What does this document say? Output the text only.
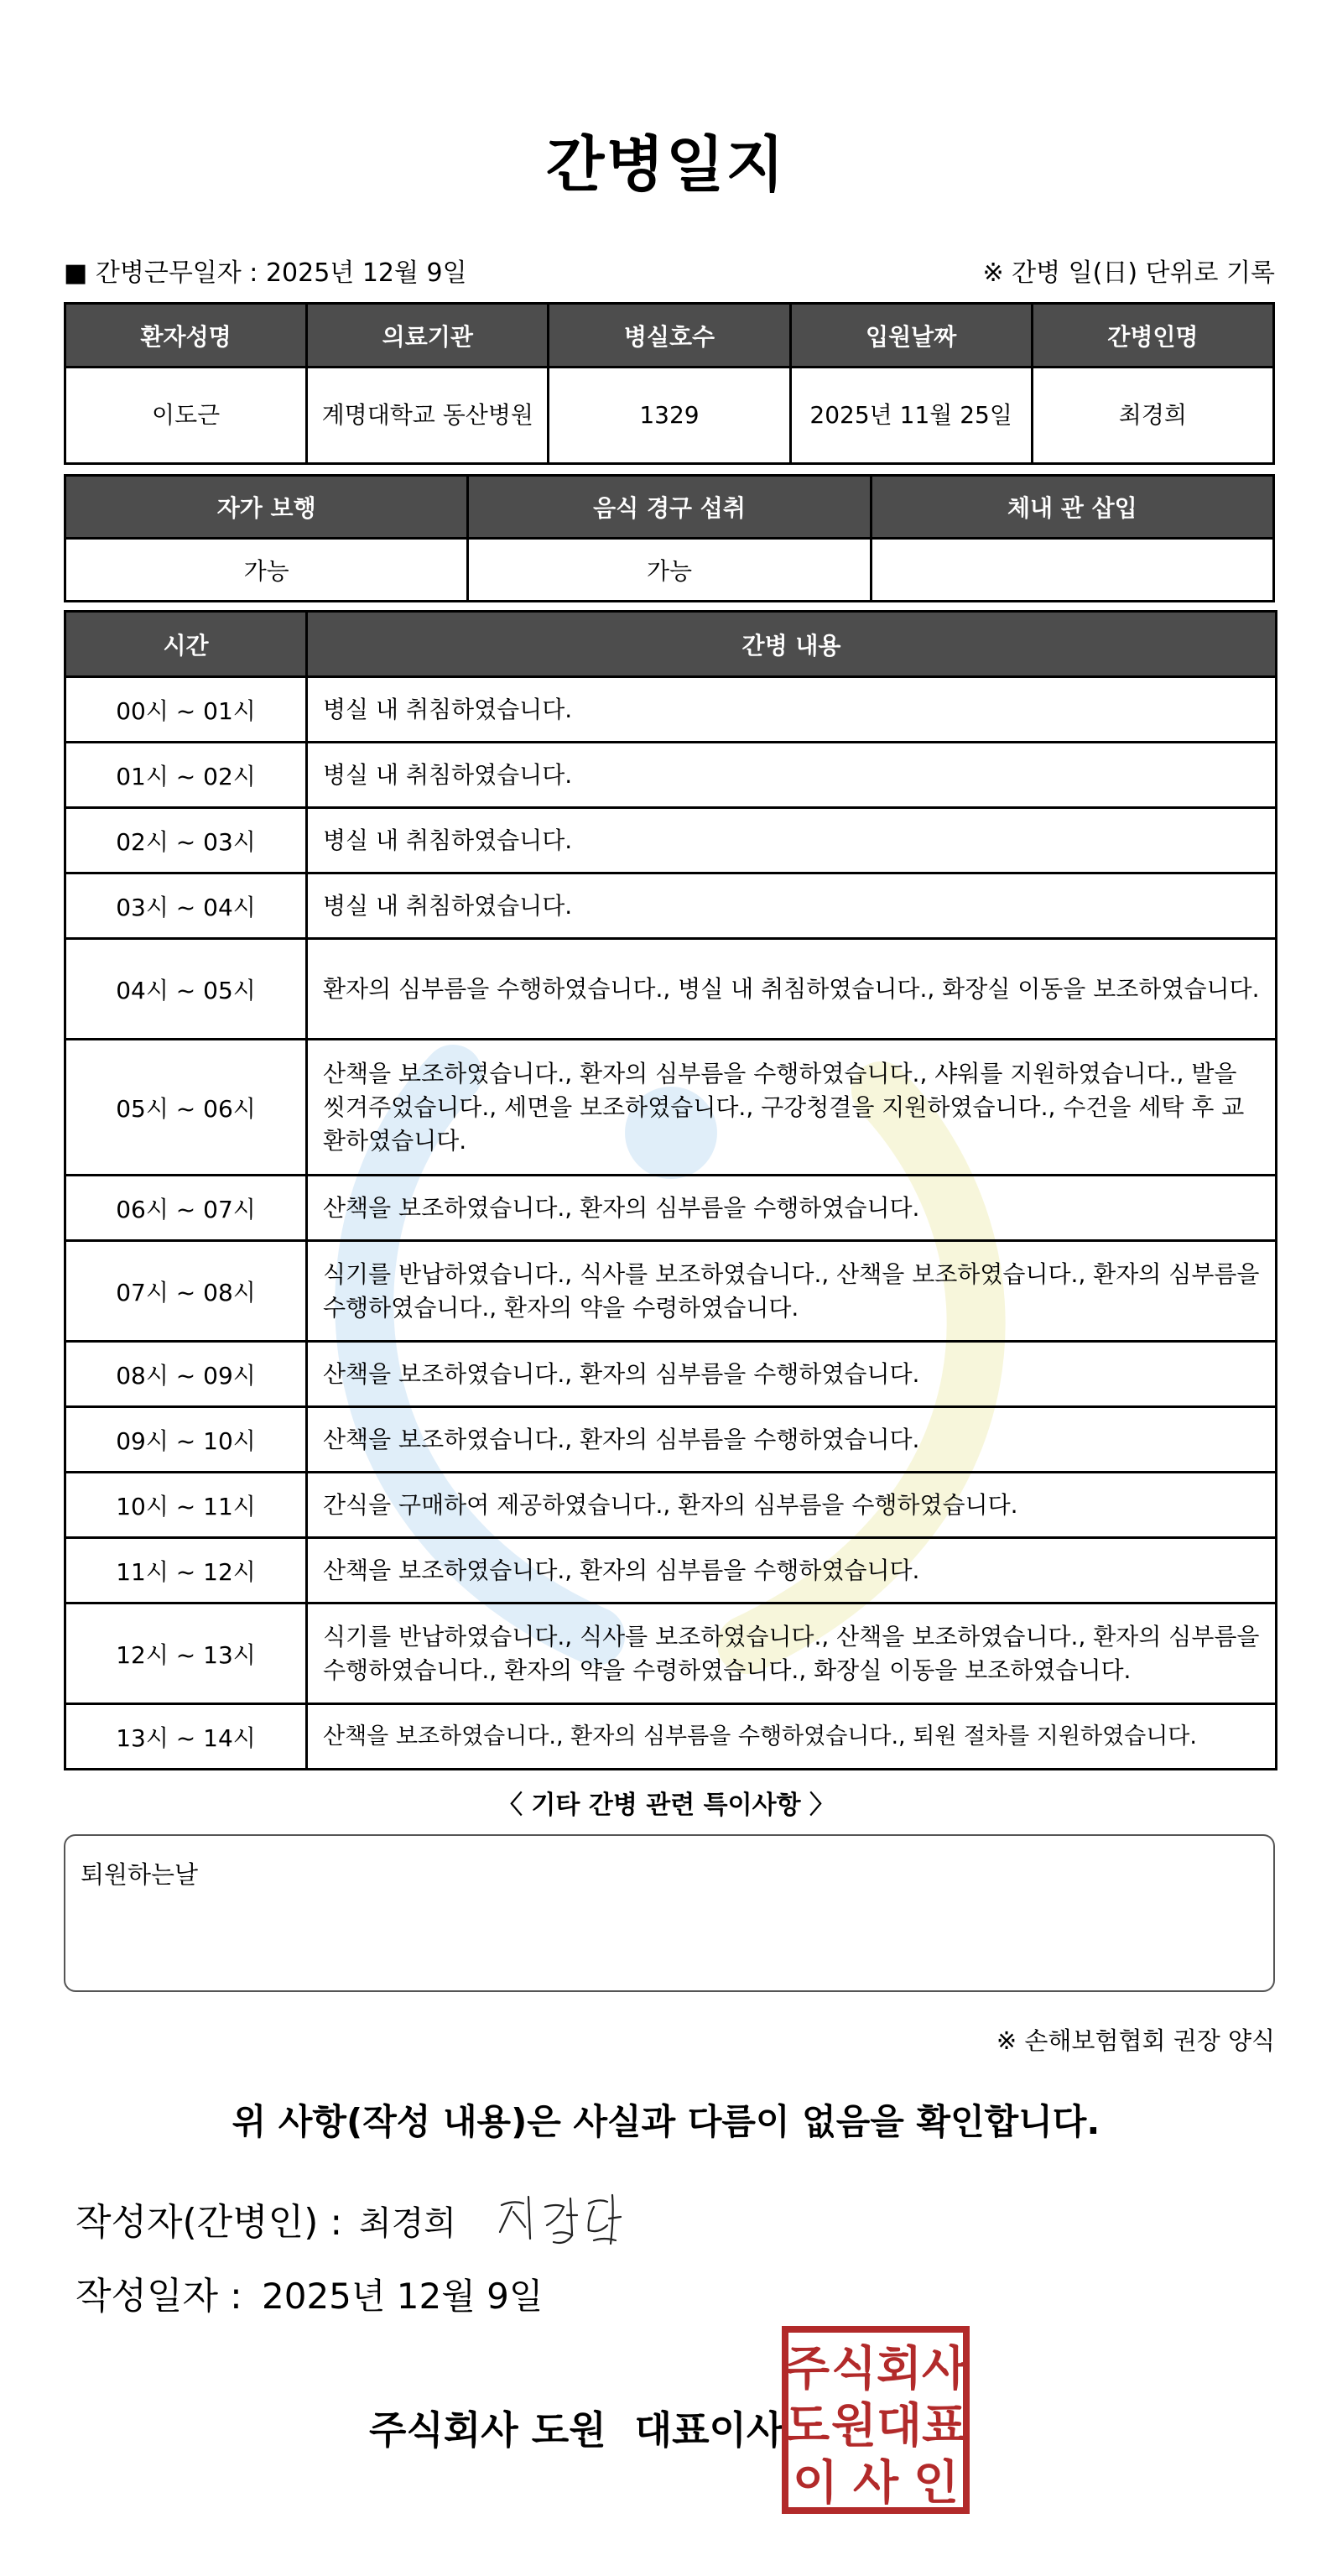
간병일지
■ 간병근무일자 : 2025년 12월 9일	※ 간병 일(日) 단위로 기록
환자성명	의료기관	병실호수	입원날짜	간병인명
이도근	계명대학교 동산병원	1329	2025년 11월 25일	최경희
자가 보행	음식 경구 섭취	체내 관 삽입
가능	가능	
시간	간병 내용
00시 ~ 01시	병실 내 취침하였습니다.
01시 ~ 02시	병실 내 취침하였습니다.
02시 ~ 03시	병실 내 취침하였습니다.
03시 ~ 04시	병실 내 취침하였습니다.
04시 ~ 05시	환자의 심부름을 수행하였습니다., 병실 내 취침하였습니다., 화장실 이동을 보조하였습니다.
05시 ~ 06시	산책을 보조하였습니다., 환자의 심부름을 수행하였습니다., 샤워를 지원하였습니다., 발을 씻겨주었습니다., 세면을 보조하였습니다., 구강청결을 지원하였습니다., 수건을 세탁 후 교환하였습니다.
06시 ~ 07시	산책을 보조하였습니다., 환자의 심부름을 수행하였습니다.
07시 ~ 08시	식기를 반납하였습니다., 식사를 보조하였습니다., 산책을 보조하였습니다., 환자의 심부름을 수행하였습니다., 환자의 약을 수령하였습니다.
08시 ~ 09시	산책을 보조하였습니다., 환자의 심부름을 수행하였습니다.
09시 ~ 10시	산책을 보조하였습니다., 환자의 심부름을 수행하였습니다.
10시 ~ 11시	간식을 구매하여 제공하였습니다., 환자의 심부름을 수행하였습니다.
11시 ~ 12시	산책을 보조하였습니다., 환자의 심부름을 수행하였습니다.
12시 ~ 13시	식기를 반납하였습니다., 식사를 보조하였습니다., 산책을 보조하였습니다., 환자의 심부름을 수행하였습니다., 환자의 약을 수령하였습니다., 화장실 이동을 보조하였습니다.
13시 ~ 14시	산책을 보조하였습니다., 환자의 심부름을 수행하였습니다., 퇴원 절차를 지원하였습니다.
〈 기타 간병 관련 특이사항 〉
퇴원하는날
※ 손해보험협회 권장 양식
위 사항(작성 내용)은 사실과 다름이 없음을 확인합니다.
작성자(간병인) : 최경희
작성일자 : 2025년 12월 9일
주식회사 도원 대표이사
주 식 회 사
도 원 대 표
이 사 인
